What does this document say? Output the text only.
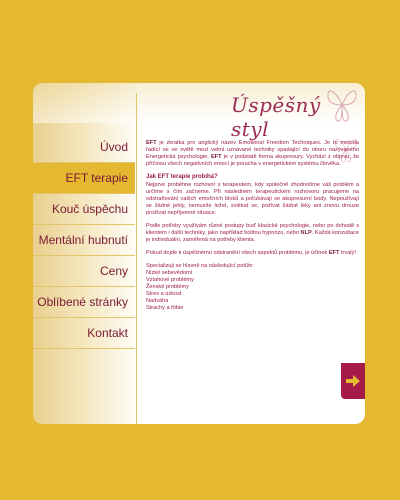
Úspěšný styl
Úvod
EFT terapie
Kouč úspěchu
Mentální hubnutí
Ceny
Oblíbené stránky
Kontakt

EFT je zkratka pro anglický název Emotional Freedom Techniques. Je to metoda řadící se ve světě mezi velmi uznávané techniky spadající do oboru nazývaného Energetická psychologie. EFT je v podstatě forma akupresury. Vychází z objevu, že příčinou všech negativních emocí je porucha v energetickém systému člověka.

Jak EFT terapie probíhá?

Nejprve proběhne rozhovor s terapeutem, kdy společně zhodnotíme váš problém a určíme s čím začneme. Při následném terapeutickém rozhovoru pracujeme na odstraňování vašich emočních bloků a poťukávají se akupresurní body. Nepoužívají se žádné jehly, nemusíte ležet, svlékat se, požívat žádné léky ani znovu drouze prožívat nepříjemné situace.

Podle potřeby využívám různé postupy buď klasické psychologie, nebo po dohodě s klientem i další techniky, jako například bolitou hypnózu, nebo NLP. Každá konzultace je individuální, zaměřená na potřeby klienta.

Pokud dojde k úspěšnému odstranění všech aspektů problému, je účinek EFT trvalý!

Specializuji se hlavně na následující potíže:
Nízké sebevědomí
Vztahové problémy
Ženské problémy
Stres a úzkost
Nadváha
Strachy a fóbie
